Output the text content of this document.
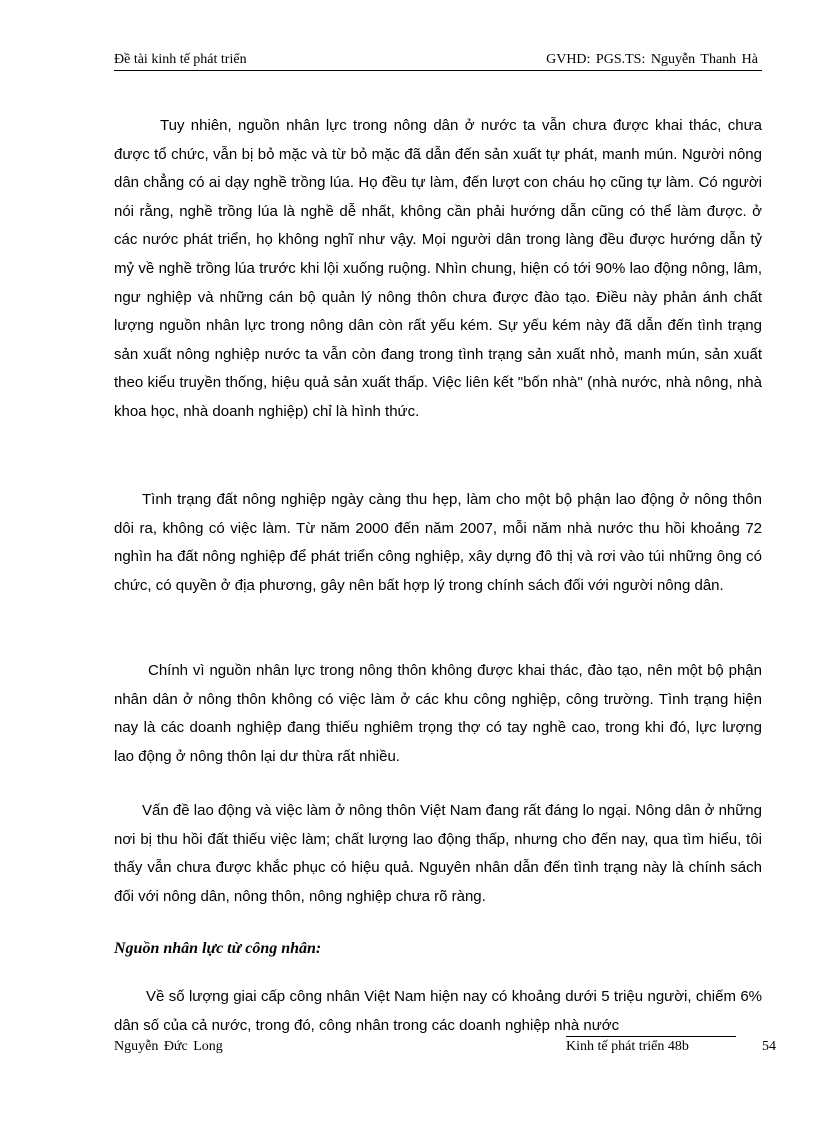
Đề tài kinh tế phát triển	GVHD: PGS.TS: Nguyễn Thanh Hà

Tuy nhiên, nguồn nhân lực trong nông dân ở nước ta vẫn chưa được khai thác, chưa được tổ chức, vẫn bị bỏ mặc và từ bỏ mặc đã dẫn đến sản xuất tự phát, manh mún. Người nông dân chẳng có ai dạy nghề trồng lúa. Họ đều tự làm, đến lượt con cháu họ cũng tự làm. Có người nói rằng, nghề trồng lúa là nghề dễ nhất, không cần phải hướng dẫn cũng có thể làm được. ở các nước phát triển, họ không nghĩ như vậy. Mọi người dân trong làng đều được hướng dẫn tỷ mỷ về nghề trồng lúa trước khi lội xuống ruộng. Nhìn chung, hiện có tới 90% lao động nông, lâm, ngư nghiệp và những cán bộ quản lý nông thôn chưa được đào tạo. Điều này phản ánh chất lượng nguồn nhân lực trong nông dân còn rất yếu kém. Sự yếu kém này đã dẫn đến tình trạng sản xuất nông nghiệp nước ta vẫn còn đang trong tình trạng sản xuất nhỏ, manh mún, sản xuất theo kiểu truyền thống, hiệu quả sản xuất thấp. Việc liên kết "bốn nhà" (nhà nước, nhà nông, nhà khoa học, nhà doanh nghiệp) chỉ là hình thức.

Tình trạng đất nông nghiệp ngày càng thu hẹp, làm cho một bộ phận lao động ở nông thôn dôi ra, không có việc làm. Từ năm 2000 đến năm 2007, mỗi năm nhà nước thu hồi khoảng 72 nghìn ha đất nông nghiệp để phát triển công nghiệp, xây dựng đô thị và rơi vào túi những ông có chức, có quyền ở địa phương, gây nên bất hợp lý trong chính sách đối với người nông dân.

Chính vì nguồn nhân lực trong nông thôn không được khai thác, đào tạo, nên một bộ phận nhân dân ở nông thôn không có việc làm ở các khu công nghiệp, công trường. Tình trạng hiện nay là các doanh nghiệp đang thiếu nghiêm trọng thợ có tay nghề cao, trong khi đó, lực lượng lao động ở nông thôn lại dư thừa rất nhiều.

Vấn đề lao động và việc làm ở nông thôn Việt Nam đang rất đáng lo ngại. Nông dân ở những nơi bị thu hồi đất thiếu việc làm; chất lượng lao động thấp, nhưng cho đến nay, qua tìm hiểu, tôi thấy vẫn chưa được khắc phục có hiệu quả. Nguyên nhân dẫn đến tình trạng này là chính sách đối với nông dân, nông thôn, nông nghiệp chưa rõ ràng.

Nguồn nhân lực từ công nhân:

Về số lượng giai cấp công nhân Việt Nam hiện nay có khoảng dưới 5 triệu người, chiếm 6% dân số của cả nước, trong đó, công nhân trong các doanh nghiệp nhà nước

Nguyễn Đức Long	Kinh tế phát triển 48b	54
